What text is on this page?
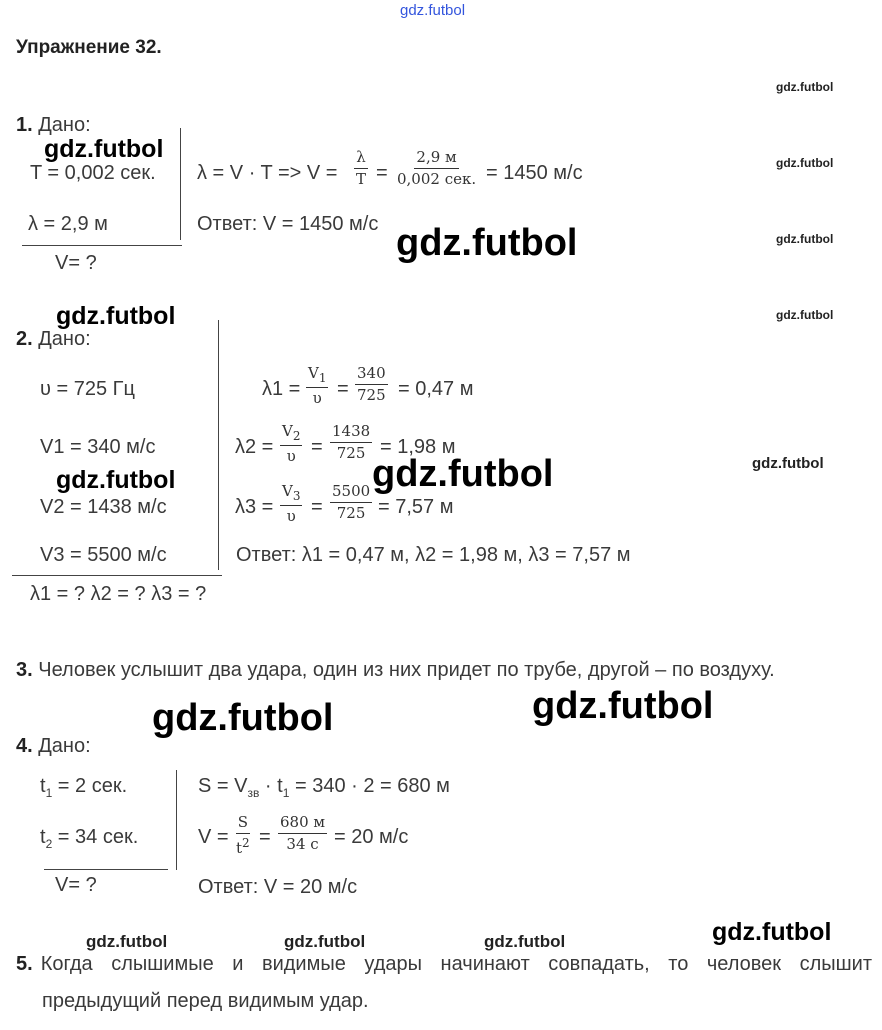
gdz.futbol
gdz.futbol
gdz.futbol
gdz.futbol
gdz.futbol
gdz.futbol
gdz.futbol
gdz.futbol
gdz.futbol
gdz.futbol	gdz.futbol
gdz.futbol	gdz.futbol
gdz.futbol
gdz.futbol	gdz.futbol	gdz.futbol
Упражнение 32.
1. Дано:
T = 0,002 сек.
λ = 2,9 м
V= ?
$\lambda = V \cdot T => V = \frac{\lambda}{T}$ =
2,9 м
0,002 сек. = 1450 м/с
Ответ: V = 1450 м/с
2. Дано:
υ = 725 Гц
V1 = 340 м/с
V2 = 1438 м/с
V3 = 5500 м/с
λ1 = ? λ2 = ? λ3 = ?
$\lambda 1 = \frac{V_1}{\upsilon} = \frac{340}{725} = 0,47$ м
$\lambda 2 = \frac{V_2}{\upsilon} = \frac{1438}{725} = 1,98$ м
$\lambda 3 = \frac{V_3}{\upsilon} = \frac{5500}{725} = 7,57$ м
Ответ: λ1 = 0,47 м, λ2 = 1,98 м, λ3 = 7,57 м
3. Человек услышит два удара, один из них придет по трубе, другой – по воздуху.
4. Дано:
$t_1 = 2$ сек.
$t_2 = 34$ сек.
V= ?
$S = V_{зв} \cdot t_1 = 340 \cdot 2 = 680$ м
$V = \frac{S}{t^2}$ =
680 м
34 с = 20 м/с
Ответ: V = 20 м/с
5. Когда слышимые и видимые удары начинают совпадать, то человек слышит
предыдущий перед видимым удар.
